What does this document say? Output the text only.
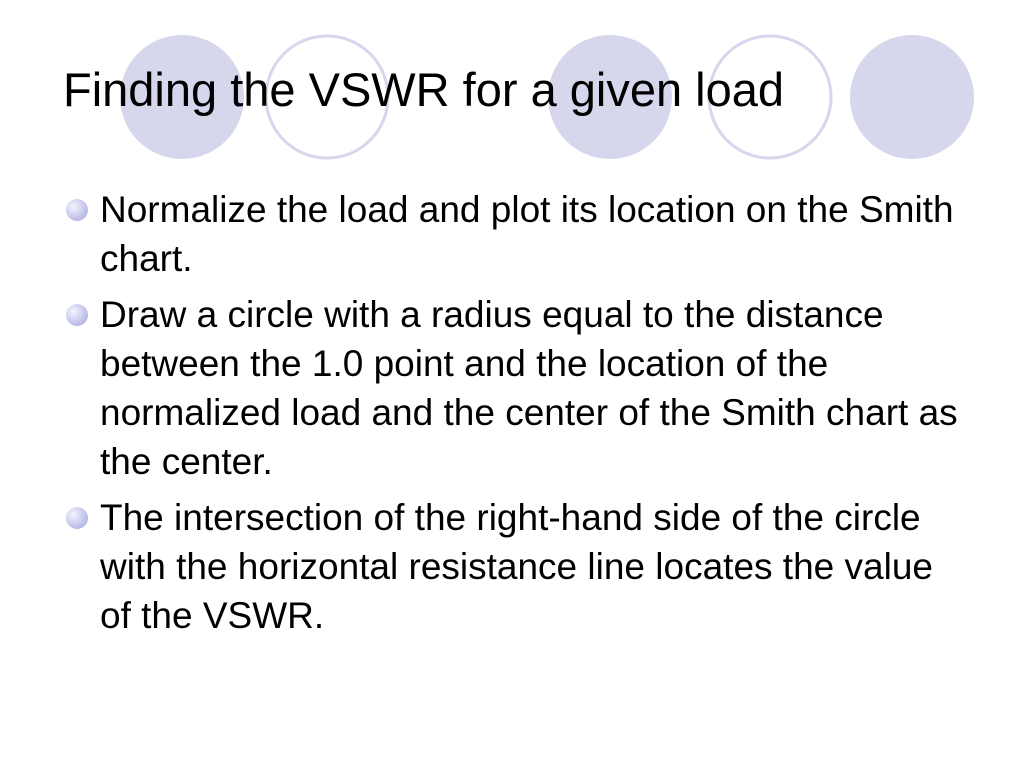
Finding the VSWR for a given load
Normalize the load and plot its location on the Smith chart.
Draw a circle with a radius equal to the distance between the 1.0 point and the location of the normalized load and the center of the Smith chart as the center.
The intersection of the right-hand side of the circle with the horizontal resistance line locates the value of the VSWR.
